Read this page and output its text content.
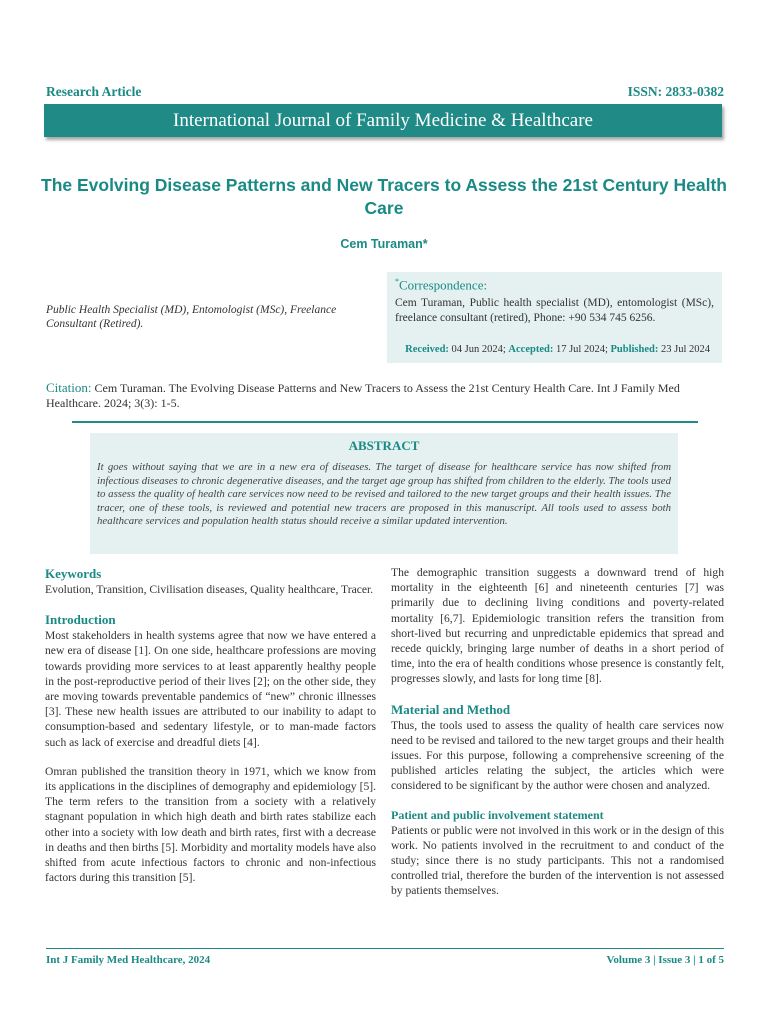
Research Article	ISSN: 2833-0382
International Journal of Family Medicine & Healthcare
The Evolving Disease Patterns and New Tracers to Assess the 21st Century Health Care
Cem Turaman*
Public Health Specialist (MD), Entomologist (MSc), Freelance Consultant (Retired).
*Correspondence:
Cem Turaman, Public health specialist (MD), entomologist (MSc), freelance consultant (retired), Phone: +90 534 745 6256.
Received: 04 Jun 2024; Accepted: 17 Jul 2024; Published: 23 Jul 2024
Citation: Cem Turaman. The Evolving Disease Patterns and New Tracers to Assess the 21st Century Health Care. Int J Family Med Healthcare. 2024; 3(3): 1-5.
ABSTRACT
It goes without saying that we are in a new era of diseases. The target of disease for healthcare service has now shifted from infectious diseases to chronic degenerative diseases, and the target age group has shifted from children to the elderly. The tools used to assess the quality of health care services now need to be revised and tailored to the new target groups and their health issues. The tracer, one of these tools, is reviewed and potential new tracers are proposed in this manuscript. All tools used to assess both healthcare services and population health status should receive a similar updated intervention.
Keywords

Evolution, Transition, Civilisation diseases, Quality healthcare, Tracer.

Introduction

Most stakeholders in health systems agree that now we have entered a new era of disease [1]. On one side, healthcare professions are moving towards providing more services to at least apparently healthy people in the post-reproductive period of their lives [2]; on the other side, they are moving towards preventable pandemics of “new” chronic illnesses [3]. These new health issues are attributed to our inability to adapt to consumption-based and sedentary lifestyle, or to man-made factors such as lack of exercise and dreadful diets [4].

Omran published the transition theory in 1971, which we know from its applications in the disciplines of demography and epidemiology [5]. The term refers to the transition from a society with a relatively stagnant population in which high death and birth rates stabilize each other into a society with low death and birth rates, first with a decrease in deaths and then births [5]. Morbidity and mortality models have also shifted from acute infectious factors to chronic and non-infectious factors during this transition [5].

The demographic transition suggests a downward trend of high mortality in the eighteenth [6] and nineteenth centuries [7] was primarily due to declining living conditions and poverty-related mortality [6,7]. Epidemiologic transition refers the transition from short-lived but recurring and unpredictable epidemics that spread and recede quickly, bringing large number of deaths in a short period of time, into the era of health conditions whose presence is constantly felt, progresses slowly, and lasts for long time [8].

Material and Method

Thus, the tools used to assess the quality of health care services now need to be revised and tailored to the new target groups and their health issues. For this purpose, following a comprehensive screening of the published articles relating the subject, the articles which were considered to be significant by the author were chosen and analyzed.

Patient and public involvement statement

Patients or public were not involved in this work or in the design of this work. No patients involved in the recruitment to and conduct of the study; since there is no study participants. This not a randomised controlled trial, therefore the burden of the intervention is not assessed by patients themselves.

Int J Family Med Healthcare, 2024	Volume 3 | Issue 3 | 1 of 5
